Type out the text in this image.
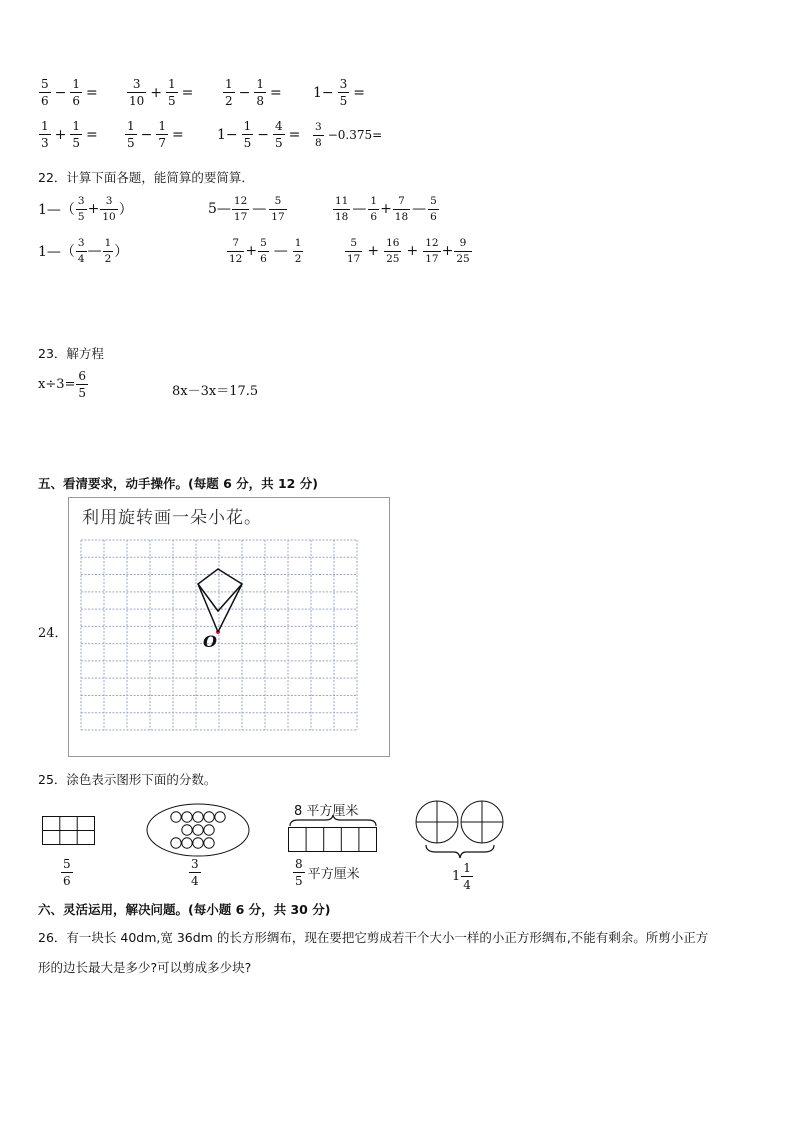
$\frac{5}{6} - \frac{1}{6} = \frac{3}{10} + \frac{1}{5} = \frac{1}{2} - \frac{1}{8} = 1- \frac{3}{5}$ =
$\frac{1}{3} + \frac{1}{5} = \frac{1}{5} - \frac{1}{7} = 1- \frac{1}{5} - \frac{4}{5} = \frac{3}{8} -0.375=$
22．计算下面各题，能简算的要简算．
1—（ $\frac{3}{5} + \frac{3}{10}$ ）	5— $\frac{12}{17}$ — $\frac{5}{17}$	$\frac{11}{18}$ — $\frac{1}{6} + \frac{7}{18}$ — $\frac{5}{6}$
1—（ $\frac{3}{4}$ — $\frac{1}{2}$ ）	$\frac{7}{12} + \frac{5}{6}$ — $\frac{1}{2}$	$\frac{5}{17} + \frac{16}{25} + \frac{12}{17} + \frac{9}{25}$
23．解方程
$x\div 3= \frac{6}{5}$	8x－3x＝17.5
五、看清要求，动手操作。(每题 6 分，共 12 分)
24．
利用旋转画一朵小花。
O
25．涂色表示图形下面的分数。
$\frac{5}{6}$	$\frac{3}{4}$
8 平方厘米
$\frac{8}{5}$ 平方厘米	$1 \frac{1}{4}$
六、灵活运用，解决问题。(每小题 6 分，共 30 分)
26．有一块长 40dm,宽 36dm 的长方形绸布，现在要把它剪成若干个大小一样的小正方形绸布,不能有剩余。所剪小正方
形的边长最大是多少?可以剪成多少块?
